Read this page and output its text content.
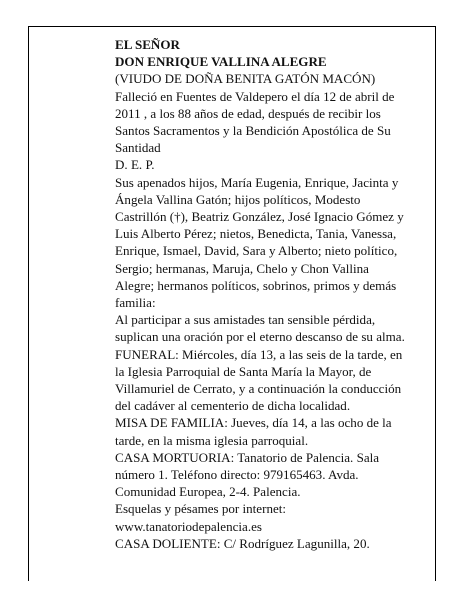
EL SEÑOR

DON ENRIQUE VALLINA ALEGRE

(VIUDO DE DOÑA BENITA GATÓN MACÓN)

Falleció en Fuentes de Valdepero el día 12 de abril de 2011 , a los 88 años de edad, después de recibir los Santos Sacramentos y la Bendición Apostólica de Su Santidad

D. E. P.

Sus apenados hijos, María Eugenia, Enrique, Jacinta y Ángela Vallina Gatón; hijos políticos, Modesto Castrillón (†), Beatriz González, José Ignacio Gómez y Luis Alberto Pérez; nietos, Benedicta, Tania, Vanessa, Enrique, Ismael, David, Sara y Alberto; nieto político, Sergio; hermanas, Maruja, Chelo y Chon Vallina Alegre; hermanos políticos, sobrinos, primos y demás familia:

Al participar a sus amistades tan sensible pérdida, suplican una oración por el eterno descanso de su alma.

FUNERAL: Miércoles, día 13, a las seis de la tarde, en la Iglesia Parroquial de Santa María la Mayor, de Villamuriel de Cerrato, y a continuación la conducción del cadáver al cementerio de dicha localidad.

MISA DE FAMILIA: Jueves, día 14, a las ocho de la tarde, en la misma iglesia parroquial.

CASA MORTUORIA: Tanatorio de Palencia. Sala número 1. Teléfono directo: 979165463. Avda. Comunidad Europea, 2-4. Palencia.

Esquelas y pésames por internet:

www.tanatoriodepalencia.es

CASA DOLIENTE: C/ Rodríguez Lagunilla, 20.
